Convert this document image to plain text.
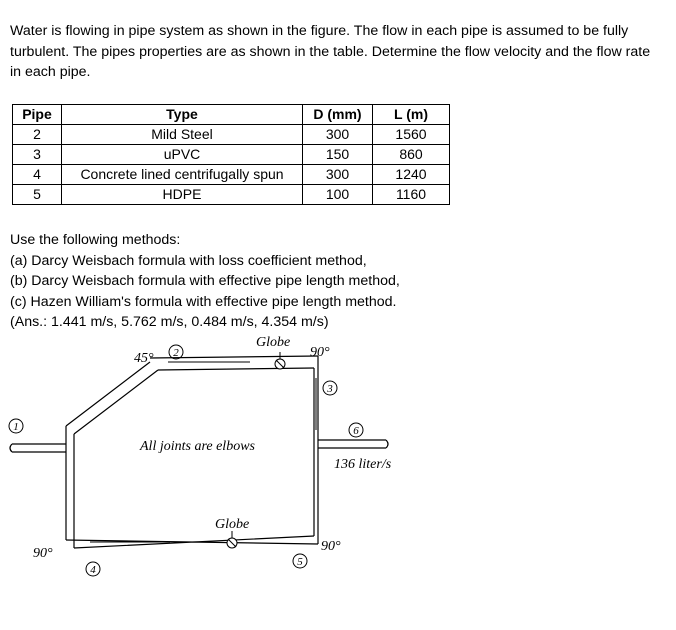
Water is flowing in pipe system as shown in the figure. The flow in each pipe is assumed to be fully turbulent. The pipes properties are as shown in the table. Determine the flow velocity and the flow rate in each pipe.
Pipe	Type	D (mm)	L (m)
2	Mild Steel	300	1560
3	uPVC	150	860
4	Concrete lined centrifugally spun	300	1240
5	HDPE	100	1160
Use the following methods:
(a) Darcy Weisbach formula with loss coefficient method,
(b) Darcy Weisbach formula with effective pipe length method,
(c) Hazen William's formula with effective pipe length method.
(Ans.: 1.441 m/s, 5.762 m/s, 0.484 m/s, 4.354 m/s)
1
2
3
4
5
6
Globe
Globe
45°	90°
90°	90°
All joints are elbows
136 liter/s
